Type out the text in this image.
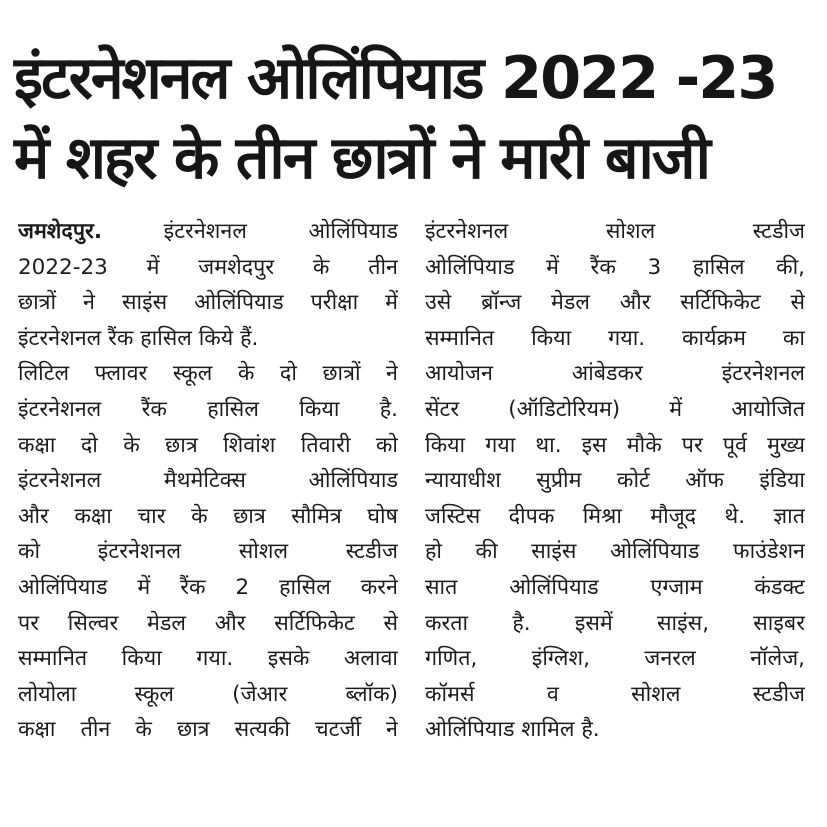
इंटरनेशनल ओलिंपियाड 2022 -23
में शहर के तीन छात्रों ने मारी बाजी
जमशेदपुर.	इंटरनेशनल ओलिंपियाड
2022-23 में जमशेदपुर के तीन
छात्रों ने साइंस ओलिंपियाड परीक्षा में
इंटरनेशनल रैंक हासिल किये हैं.
लिटिल फ्लावर स्कूल के दो छात्रों ने
इंटरनेशनल रैंक हासिल किया है.
कक्षा दो के छात्र शिवांश तिवारी को
इंटरनेशनल मैथमेटिक्स ओलिंपियाड
और कक्षा चार के छात्र सौमित्र घोष
को इंटरनेशनल सोशल स्टडीज
ओलिंपियाड में रैंक 2 हासिल करने
पर सिल्वर मेडल और सर्टिफिकेट से
सम्मानित किया गया. इसके अलावा
लोयोला स्कूल (जेआर ब्लॉक)
कक्षा तीन के छात्र सत्यकी चटर्जी ने
इंटरनेशनल सोशल स्टडीज
ओलिंपियाड में रैंक 3 हासिल की,
उसे ब्रॉन्ज मेडल और सर्टिफिकेट से
सम्मानित किया गया. कार्यक्रम का
आयोजन आंबेडकर इंटरनेशनल
सेंटर (ऑडिटोरियम) में आयोजित
किया गया था. इस मौके पर पूर्व मुख्य
न्यायाधीश सुप्रीम कोर्ट ऑफ इंडिया
जस्टिस दीपक मिश्रा मौजूद थे. ज्ञात
हो की साइंस ओलिंपियाड फाउंडेशन
सात ओलिंपियाड एग्जाम कंडक्ट
करता है. इसमें साइंस, साइबर
गणित, इंग्लिश, जनरल नॉलेज,
कॉमर्स व सोशल स्टडीज
ओलिंपियाड शामिल है.
